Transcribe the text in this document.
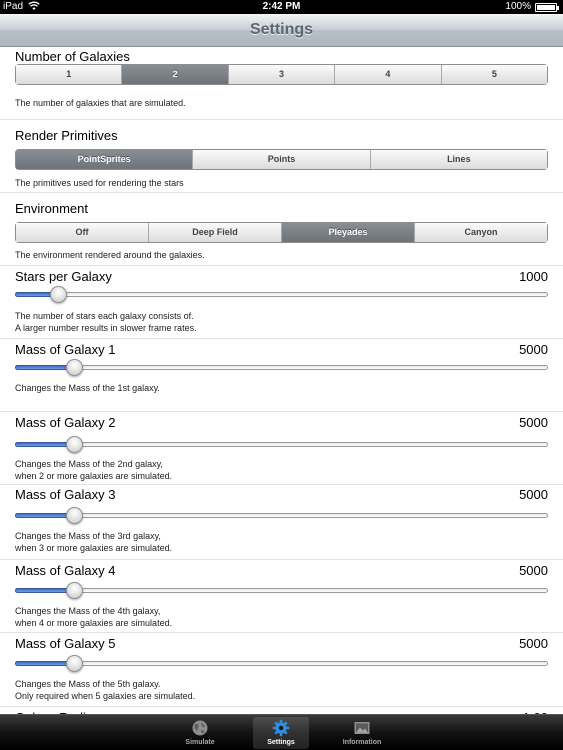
iPad	2:42 PM	100%
Settings
Number of Galaxies
1	2	3	4	5
The number of galaxies that are simulated.
Render Primitives
PointSprites	Points	Lines
The primitives used for rendering the stars
Environment
Off	Deep Field	Pleyades	Canyon
The environment rendered around the galaxies.
Stars per Galaxy	1000
The number of stars each galaxy consists of.
A larger number results in slower frame rates.
Mass of Galaxy 1	5000
Changes the Mass of the 1st galaxy.
Mass of Galaxy 2	5000
Changes the Mass of the 2nd galaxy,
when 2 or more galaxies are simulated.
Mass of Galaxy 3	5000
Changes the Mass of the 3rd galaxy,
when 3 or more galaxies are simulated.
Mass of Galaxy 4	5000
Changes the Mass of the 4th galaxy,
when 4 or more galaxies are simulated.
Mass of Galaxy 5	5000
Changes the Mass of the 5th galaxy.
Only required when 5 galaxies are simulated.
Simulate	Settings	Information
